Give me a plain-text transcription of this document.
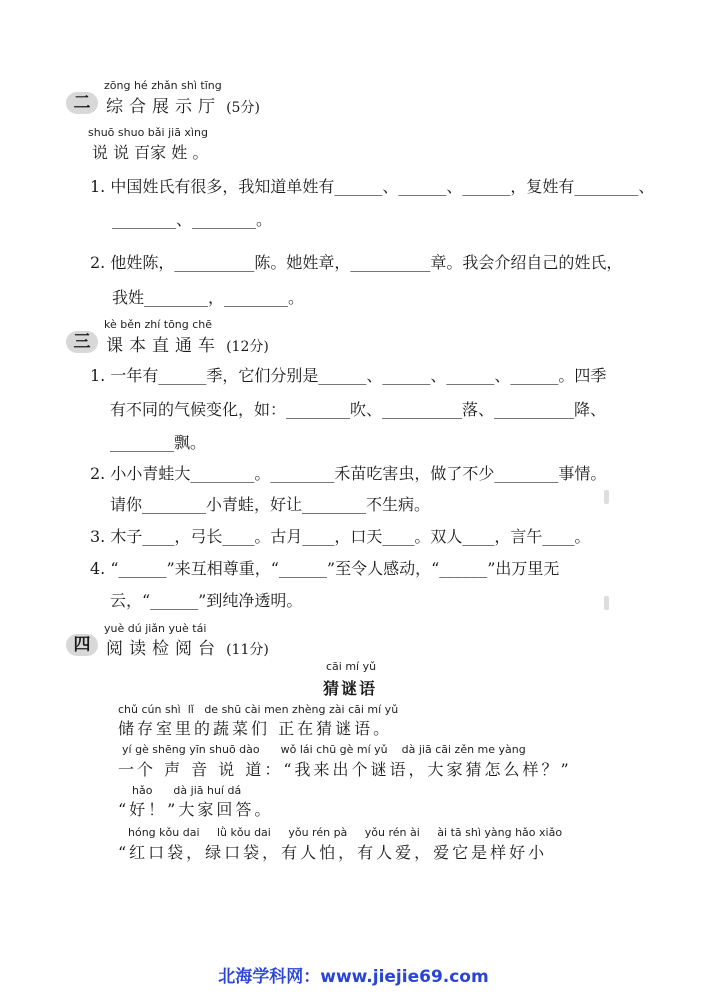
zōng hé zhǎn shì tīng
二 综合展示厅 (5分)
shuō shuo bǎi jiā xìng
说 说 百家 姓 。
1. 中国姓氏有很多，我知道单姓有______、______、______，复姓有________、
________、________。
2. 他姓陈，__________陈。她姓章，__________章。我会介绍自己的姓氏，
我姓________，________。
kè běn zhí tōng chē
三 课本直通车 (12分)
1. 一年有______季，它们分别是______、______、______、______。四季
有不同的气候变化，如：________吹、__________落、__________降、
________飘。
2. 小小青蛙大________。________禾苗吃害虫，做了不少________事情。
请你________小青蛙，好让________不生病。
3. 木子____，弓长____。古月____，口天____。双人____，言午____。
4. “______”来互相尊重，“______”至令人感动，“______”出万里无
云，“______”到纯净透明。
yuè dú jiǎn yuè tái
四 阅读检阅台 (11分)
cāi mí yǔ
猜谜语
chǔ cún shì  lǐ   de shū cài men zhèng zài cāi mí yǔ
储存室里的蔬菜们 正在猜谜语。
yí gè shēng yīn shuō dào      wǒ lái chū gè mí yǔ    dà jiā cāi zěn me yàng
一个 声 音 说 道：“我来出个谜语，大家猜怎么样？”
hǎo      dà jiā huí dá
“好！”大家回答。
hóng kǒu dai     lǜ kǒu dai     yǒu rén pà     yǒu rén ài     ài tā shì yàng hǎo xiǎo
“红口袋，绿口袋，有人怕，有人爱，爱它是样好小
北海学科网：www.jiejie69.com
